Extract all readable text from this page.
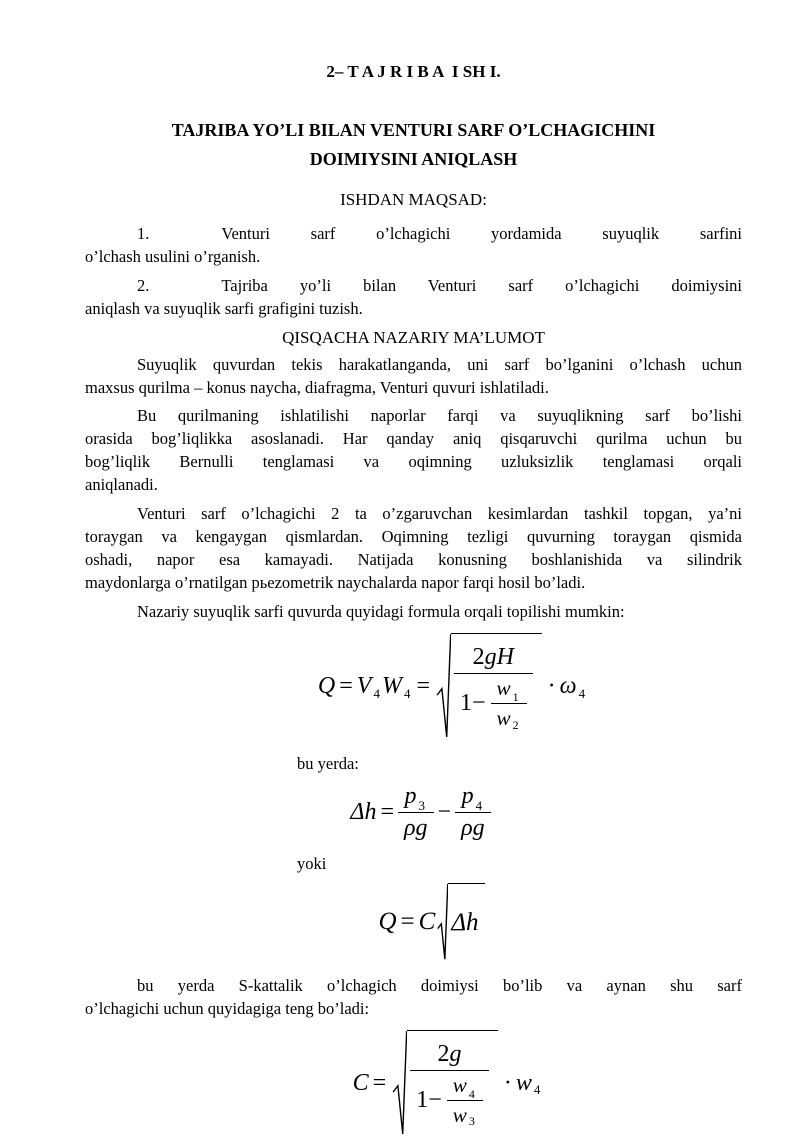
2– T A J R I B A  I SH I.
TAJRIBA YO’LI BILAN VENTURI SARF O’LCHAGICHINI
DOIMIYSINI ANIQLASH
ISHDAN MAQSAD:
1.	Venturi sarf o’lchagichi yordamida suyuqlik sarfini
o’lchash usulini o’rganish.
2.	Tajriba yo’li bilan Venturi sarf o’lchagichi doimiysini
aniqlash va suyuqlik sarfi grafigini tuzish.
QISQACHA NAZARIY MA’LUMOT
Suyuqlik quvurdan tekis harakatlanganda, uni sarf bo’lganini o’lchash uchun
maxsus qurilma – konus naycha, diafragma, Venturi quvuri ishlatiladi.
Bu qurilmaning ishlatilishi naporlar farqi va suyuqlikning sarf bo’lishi
orasida bog’liqlikka asoslanadi. Har qanday aniq qisqaruvchi qurilma uchun bu
bog’liqlik Bernulli tenglamasi va oqimning uzluksizlik tenglamasi orqali
aniqlanadi.
Venturi sarf o’lchagichi 2 ta o’zgaruvchan kesimlardan tashkil topgan, ya’ni
toraygan va kengaygan qismlardan. Oqimning tezligi quvurning toraygan qismida
oshadi, napor esa kamayadi. Natijada konusning boshlanishida va silindrik
maydonlarga o’rnatilgan pьezometrik naychalarda napor farqi hosil bo’ladi.
Nazariy suyuqlik sarfi quvurda quyidagi formula orqali topilishi mumkin:
$Q = V_4$ $W_4 = \frac{2 gH}{1- \frac{w_1}{w_2}} \cdot \omega_4$
bu yerda:
$\Delta h = \frac{p_3}{\rho g} - \frac{p_4}{\rho g}$
yoki
Q = C Δh
bu yerda S-kattalik o’lchagich doimiysi bo’lib va aynan shu sarf
o’lchagichi uchun quyidagiga teng bo’ladi:
$C = \frac{2 g}{1- \frac{w_4}{w_3}} \cdot w_4$
